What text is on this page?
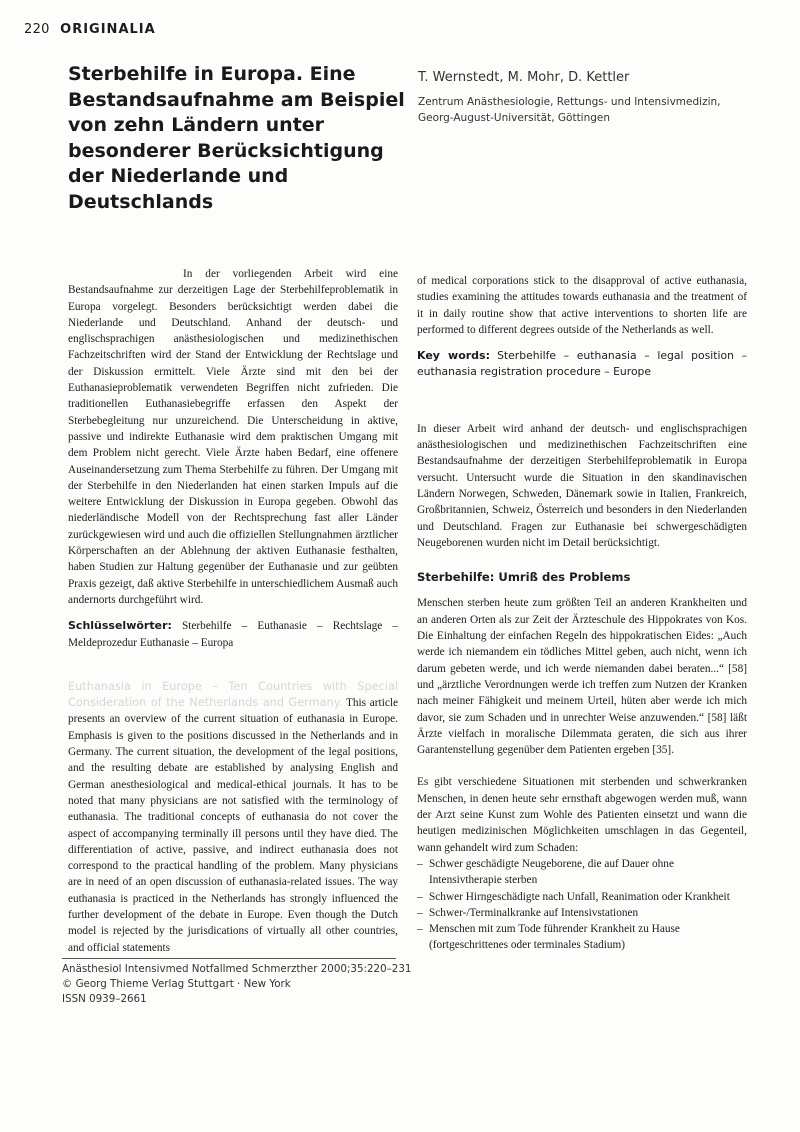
220 ORIGINALIA
Sterbehilfe in Europa. Eine Bestandsaufnahme am Beispiel von zehn Ländern unter besonderer Berücksichtigung der Niederlande und Deutschlands
T. Wernstedt, M. Mohr, D. Kettler
Zentrum Anästhesiologie, Rettungs- und Intensivmedizin,
Georg-August-Universität, Göttingen

In der vorliegenden Arbeit wird eine Bestandsaufnahme zur derzeitigen Lage der Sterbehilfeproblematik in Europa vorgelegt. Besonders berücksichtigt werden dabei die Niederlande und Deutschland. Anhand der deutsch- und englischsprachigen anästhesiologischen und medizinethischen Fachzeitschriften wird der Stand der Entwicklung der Rechtslage und der Diskussion ermittelt. Viele Ärzte sind mit den bei der Euthanasieproblematik verwendeten Begriffen nicht zufrieden. Die traditionellen Euthanasiebegriffe erfassen den Aspekt der Sterbebegleitung nur unzureichend. Die Unterscheidung in aktive, passive und indirekte Euthanasie wird dem praktischen Umgang mit dem Problem nicht gerecht. Viele Ärzte haben Bedarf, eine offenere Auseinandersetzung zum Thema Sterbehilfe zu führen. Der Umgang mit der Sterbehilfe in den Niederlanden hat einen starken Impuls auf die weitere Entwicklung der Diskussion in Europa gegeben. Obwohl das niederländische Modell von der Rechtsprechung fast aller Länder zurückgewiesen wird und auch die offiziellen Stellungnahmen ärztlicher Körperschaften an der Ablehnung der aktiven Euthanasie festhalten, haben Studien zur Haltung gegenüber der Euthanasie und zur geübten Praxis gezeigt, daß aktive Sterbehilfe in unterschiedlichem Ausmaß auch andernorts durchgeführt wird.

Schlüsselwörter: Sterbehilfe – Euthanasie – Rechtslage – Meldeprozedur Euthanasie – Europa

Euthanasia in Europe – Ten Countries with Special Consideration of the Netherlands and Germany. This article presents an overview of the current situation of euthanasia in Europe. Emphasis is given to the positions discussed in the Netherlands and in Germany. The current situation, the development of the legal positions, and the resulting debate are established by analysing English and German anesthesiological and medical-ethical journals. It has to be noted that many physicians are not satisfied with the terminology of euthanasia. The traditional concepts of euthanasia do not cover the aspect of accompanying terminally ill persons until they have died. The differentiation of active, passive, and indirect euthanasia does not correspond to the practical handling of the problem. Many physicians are in need of an open discussion of euthanasia-related issues. The way euthanasia is practiced in the Netherlands has strongly influenced the further development of the debate in Europe. Even though the Dutch model is rejected by the jurisdications of virtually all other countries, and official statements

of medical corporations stick to the disapproval of active euthanasia, studies examining the attitudes towards euthanasia and the treatment of it in daily routine show that active interventions to shorten life are performed to different degrees outside of the Netherlands as well.

Key words: Sterbehilfe – euthanasia – legal position – euthanasia registration procedure – Europe

In dieser Arbeit wird anhand der deutsch- und englischsprachigen anästhesiologischen und medizinethischen Fachzeitschriften eine Bestandsaufnahme der derzeitigen Sterbehilfeproblematik in Europa versucht. Untersucht wurde die Situation in den skandinavischen Ländern Norwegen, Schweden, Dänemark sowie in Italien, Frankreich, Großbritannien, Schweiz, Österreich und besonders in den Niederlanden und Deutschland. Fragen zur Euthanasie bei schwergeschädigten Neugeborenen wurden nicht im Detail berücksichtigt.

Sterbehilfe: Umriß des Problems

Menschen sterben heute zum größten Teil an anderen Krankheiten und an anderen Orten als zur Zeit der Ärzteschule des Hippokrates von Kos. Die Einhaltung der einfachen Regeln des hippokratischen Eides: „Auch werde ich niemandem ein tödliches Mittel geben, auch nicht, wenn ich darum gebeten werde, und ich werde niemanden dabei beraten...“ [58] und „ärztliche Verordnungen werde ich treffen zum Nutzen der Kranken nach meiner Fähigkeit und meinem Urteil, hüten aber werde ich mich davor, sie zum Schaden und in unrechter Weise anzuwenden.“ [58] läßt Ärzte vielfach in moralische Dilemmata geraten, die sich aus ihrer Garantenstellung gegenüber dem Patienten ergeben [35].

Es gibt verschiedene Situationen mit sterbenden und schwerkranken Menschen, in denen heute sehr ernsthaft abgewogen werden muß, wann der Arzt seine Kunst zum Wohle des Patienten einsetzt und wann die heutigen medizinischen Möglichkeiten umschlagen in das Gegenteil, wann gehandelt wird zum Schaden:

– Schwer geschädigte Neugeborene, die auf Dauer ohne Intensivtherapie sterben
– Schwer Hirngeschädigte nach Unfall, Reanimation oder Krankheit
– Schwer-/Terminalkranke auf Intensivstationen
– Menschen mit zum Tode führender Krankheit zu Hause (fortgeschrittenes oder terminales Stadium)
Anästhesiol Intensivmed Notfallmed Schmerzther 2000;35:220–231
© Georg Thieme Verlag Stuttgart · New York
ISSN 0939–2661
